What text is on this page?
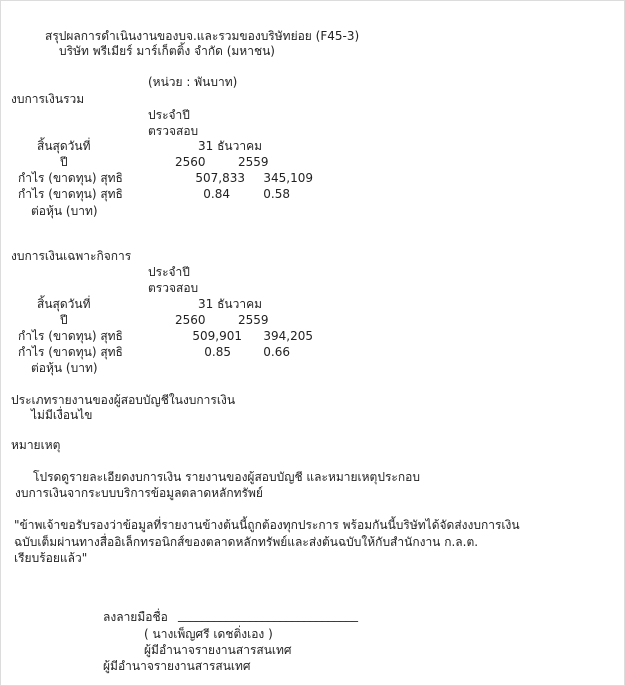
สรุปผลการดำเนินงานของบจ.และรวมของบริษัทย่อย (F45-3)
บริษัท พรีเมียร์ มาร์เก็ตติ้ง จำกัด (มหาชน)
(หน่วย : พันบาท)
งบการเงินรวม
ประจำปี
ตรวจสอบ
สิ้นสุดวันที่	31 ธันวาคม
ปี	2560	2559
กำไร (ขาดทุน) สุทธิ	507,833	345,109
กำไร (ขาดทุน) สุทธิ	0.84	0.58
ต่อหุ้น (บาท)
งบการเงินเฉพาะกิจการ
ประจำปี
ตรวจสอบ
สิ้นสุดวันที่	31 ธันวาคม
ปี	2560	2559
กำไร (ขาดทุน) สุทธิ	509,901	394,205
กำไร (ขาดทุน) สุทธิ	0.85	0.66
ต่อหุ้น (บาท)
ประเภทรายงานของผู้สอบบัญชีในงบการเงิน
ไม่มีเงื่อนไข
หมายเหตุ
โปรดดูรายละเอียดงบการเงิน รายงานของผู้สอบบัญชี และหมายเหตุประกอบ
งบการเงินจากระบบบริการข้อมูลตลาดหลักทรัพย์
"ข้าพเจ้าขอรับรองว่าข้อมูลที่รายงานข้างต้นนี้ถูกต้องทุกประการ พร้อมกันนี้บริษัทได้จัดส่งงบการเงิน
ฉบับเต็มผ่านทางสื่ออิเล็กทรอนิกส์ของตลาดหลักทรัพย์และส่งต้นฉบับให้กับสำนักงาน ก.ล.ต.
เรียบร้อยแล้ว"
ลงลายมือชื่อ ______________________________
( นางเพ็ญศรี เดชติ่งเอง )
ผู้มีอำนาจรายงานสารสนเทศ
ผู้มีอำนาจรายงานสารสนเทศ
